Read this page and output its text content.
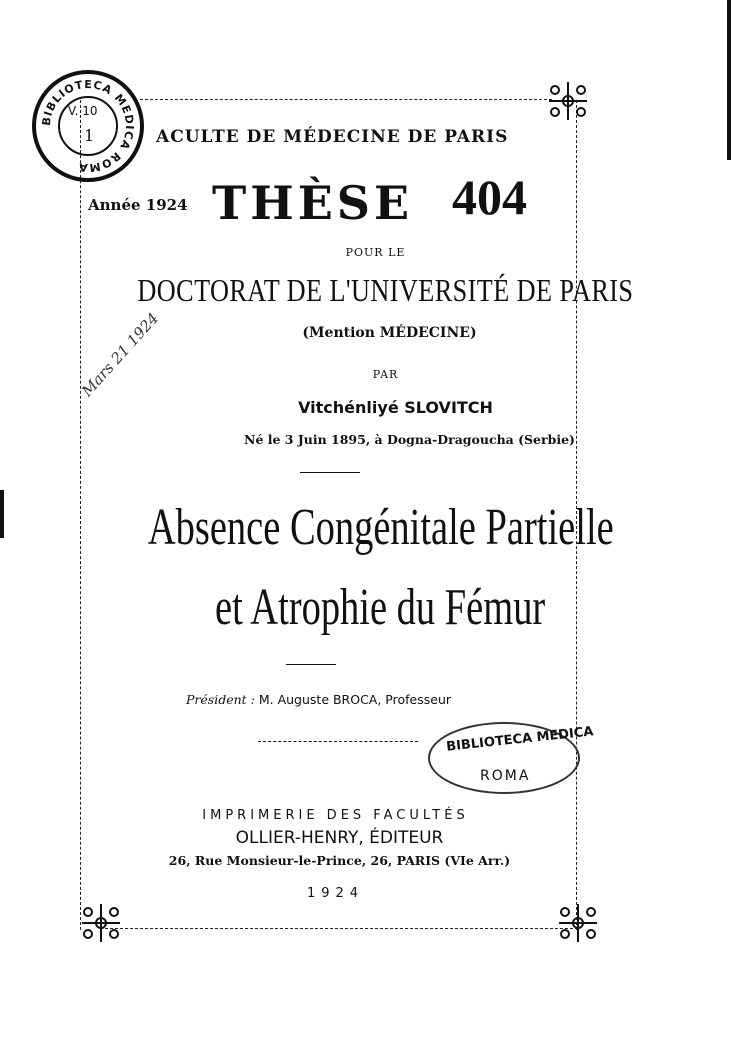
BIBLIOTECA MEDICA ROMA
V. 10
1	ACULTE DE MÉDECINE DE PARIS
Année 1924 THÈSE 404
POUR LE
DOCTORAT DE L'UNIVERSITÉ DE PARIS
(Mention MÉDECINE)
Mars 21 1924	PAR
Vitchénliyé SLOVITCH
Né le 3 Juin 1895, à Dogna-Dragoucha (Serbie)
Absence Congénitale Partielle
et Atrophie du Fémur
Président : M. Auguste BROCA, Professeur
BIBLIOTECA MEDICA
ROMA
IMPRIMERIE DES FACULTÉS
OLLIER-HENRY, ÉDITEUR
26, Rue Monsieur-le-Prince, 26, PARIS (VIe Arr.)
1924
